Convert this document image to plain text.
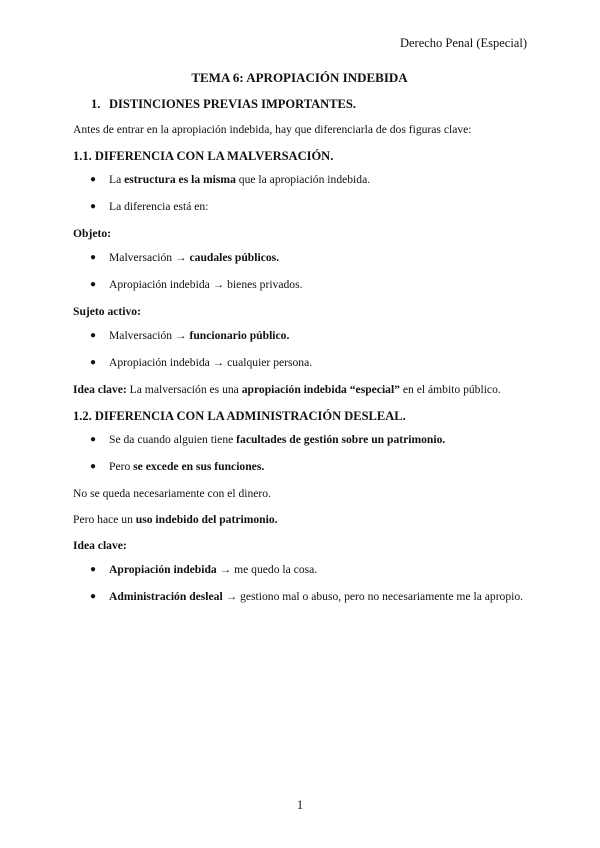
Derecho Penal (Especial)
TEMA 6: APROPIACIÓN INDEBIDA
1. DISTINCIONES PREVIAS IMPORTANTES.

Antes de entrar en la apropiación indebida, hay que diferenciarla de dos figuras clave:

1.1. DIFERENCIA CON LA MALVERSACIÓN.
● La estructura es la misma que la apropiación indebida.
● La diferencia está en:
Objeto:
● Malversación → caudales públicos.
● Apropiación indebida → bienes privados.
Sujeto activo:
● Malversación → funcionario público.
● Apropiación indebida → cualquier persona.

Idea clave: La malversación es una apropiación indebida “especial” en el ámbito público.

1.2. DIFERENCIA CON LA ADMINISTRACIÓN DESLEAL.
● Se da cuando alguien tiene facultades de gestión sobre un patrimonio.
● Pero se excede en sus funciones.

No se queda necesariamente con el dinero.

Pero hace un uso indebido del patrimonio.

Idea clave:
● Apropiación indebida → me quedo la cosa.
● Administración desleal → gestiono mal o abuso, pero no necesariamente me la apropio.
1
